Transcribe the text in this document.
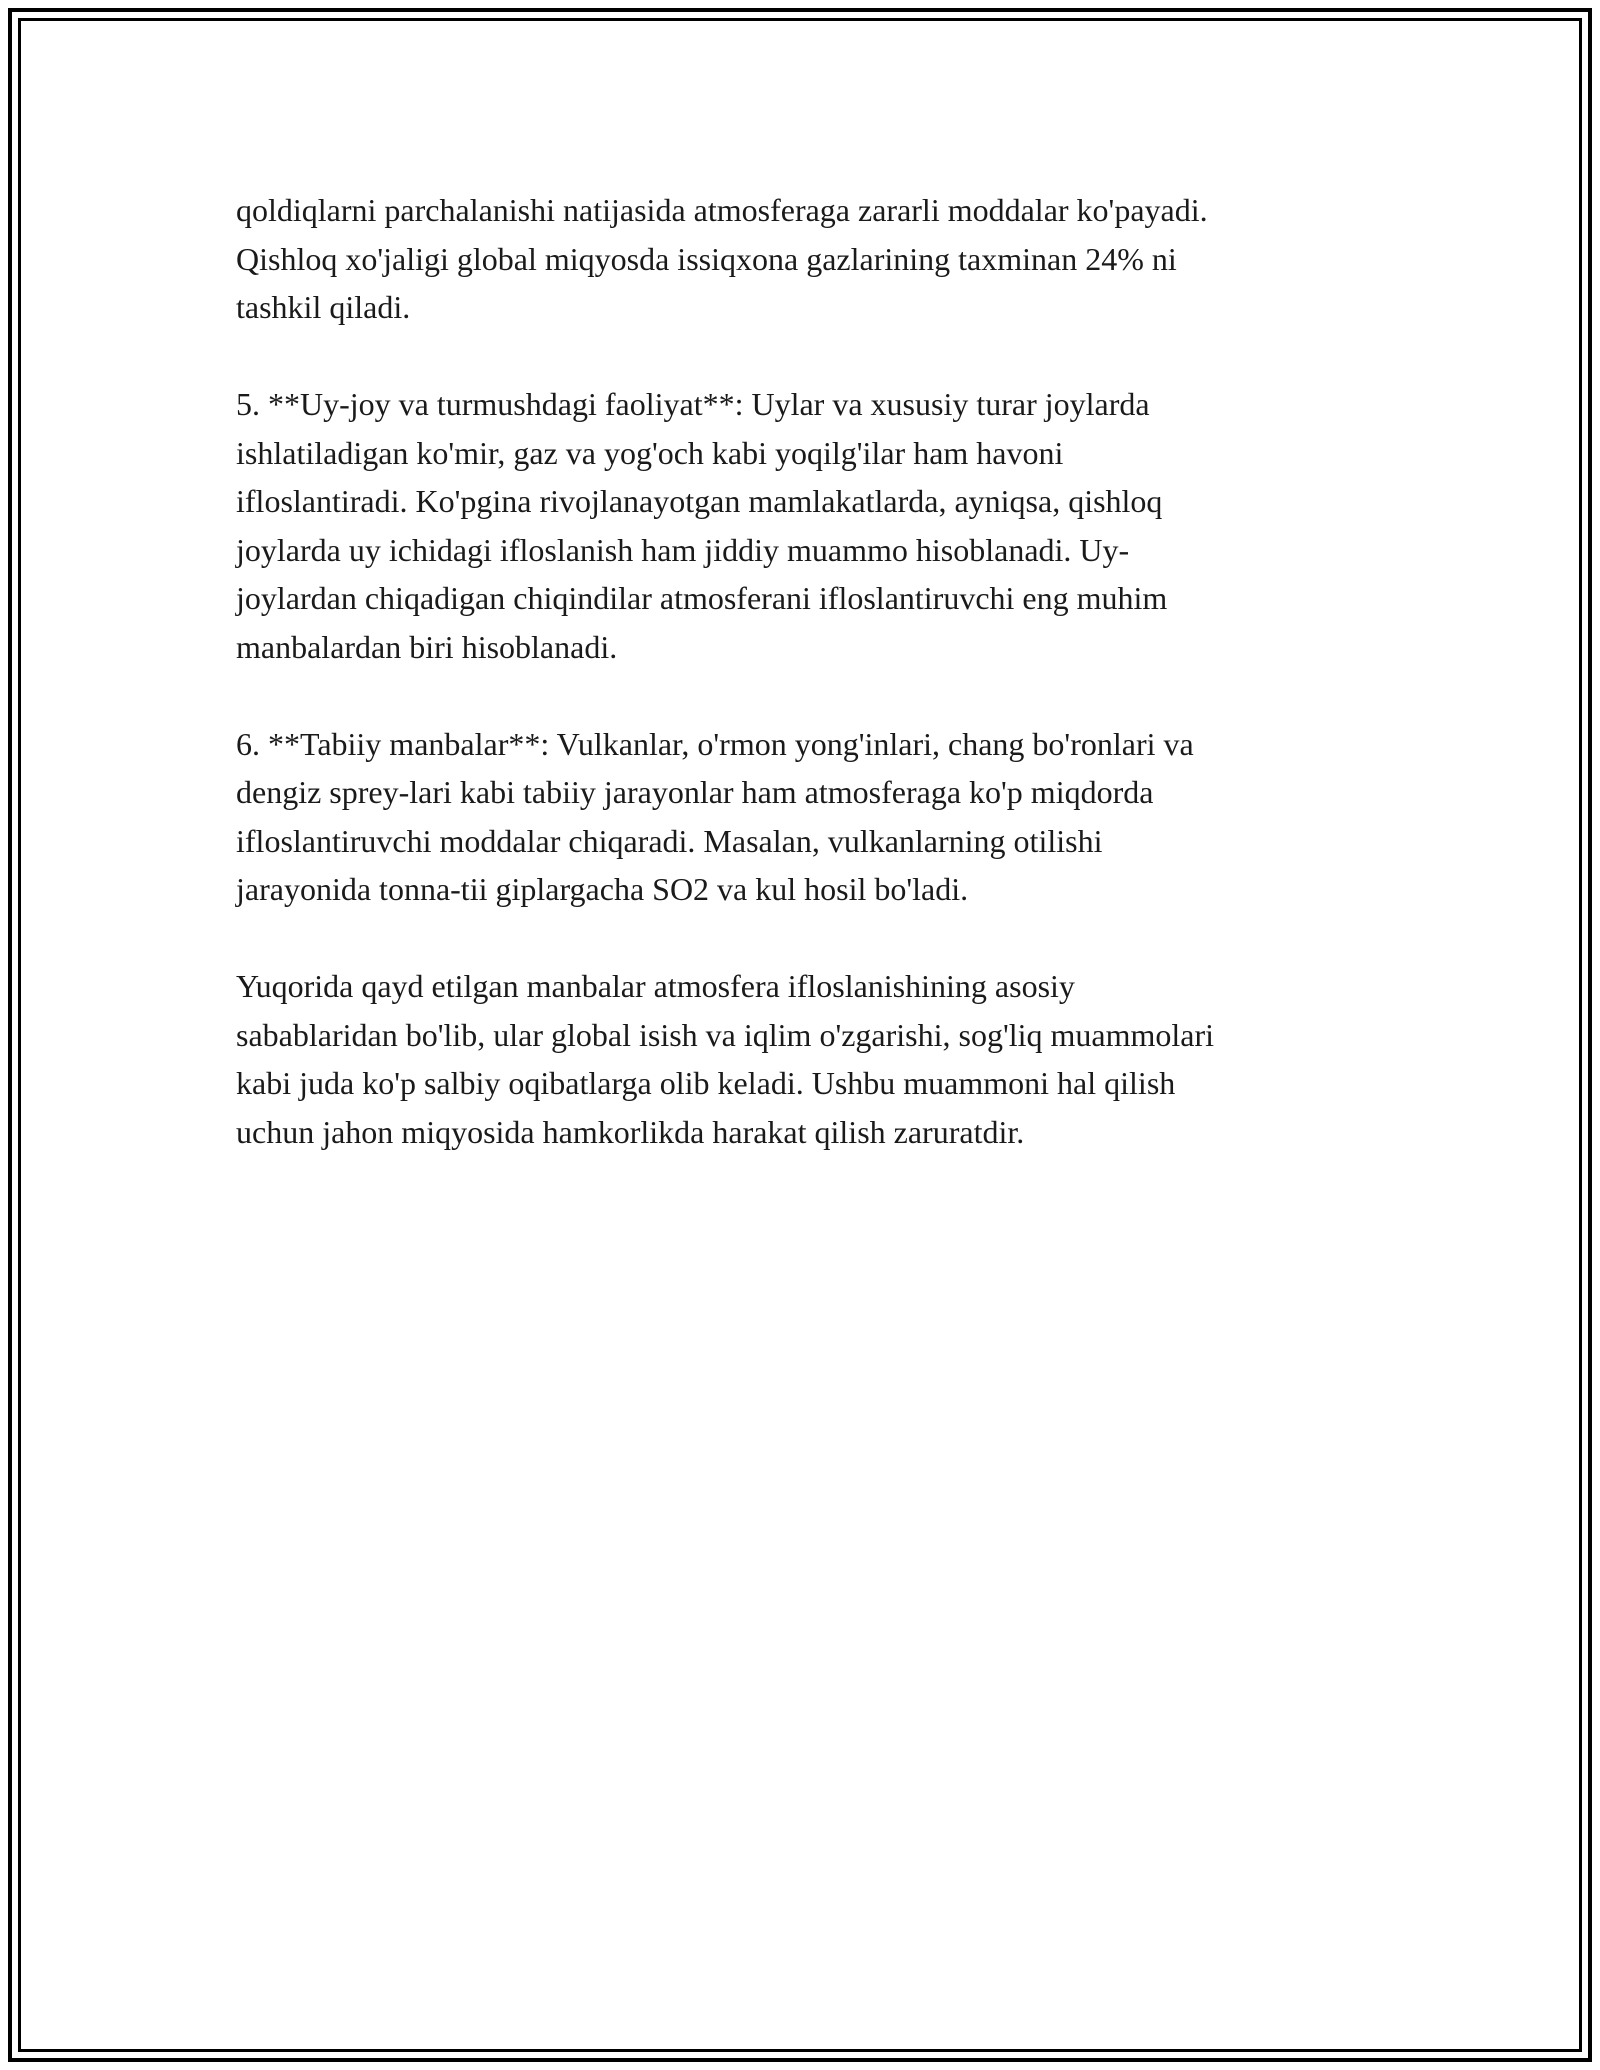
qoldiqlarni parchalanishi natijasida atmosferaga zararli moddalar ko'payadi.
Qishloq xo'jaligi global miqyosda issiqxona gazlarining taxminan 24% ni
tashkil qiladi.

5. **Uy-joy va turmushdagi faoliyat**: Uylar va xususiy turar joylarda
ishlatiladigan ko'mir, gaz va yog'och kabi yoqilg'ilar ham havoni
ifloslantiradi. Ko'pgina rivojlanayotgan mamlakatlarda, ayniqsa, qishloq
joylarda uy ichidagi ifloslanish ham jiddiy muammo hisoblanadi. Uy-
joylardan chiqadigan chiqindilar atmosferani ifloslantiruvchi eng muhim
manbalardan biri hisoblanadi.

6. **Tabiiy manbalar**: Vulkanlar, o'rmon yong'inlari, chang bo'ronlari va
dengiz sprey-lari kabi tabiiy jarayonlar ham atmosferaga ko'p miqdorda
ifloslantiruvchi moddalar chiqaradi. Masalan, vulkanlarning otilishi
jarayonida tonna-tii giplargacha SO2 va kul hosil bo'ladi.

Yuqorida qayd etilgan manbalar atmosfera ifloslanishining asosiy
sabablaridan bo'lib, ular global isish va iqlim o'zgarishi, sog'liq muammolari
kabi juda ko'p salbiy oqibatlarga olib keladi. Ushbu muammoni hal qilish
uchun jahon miqyosida hamkorlikda harakat qilish zaruratdir.
